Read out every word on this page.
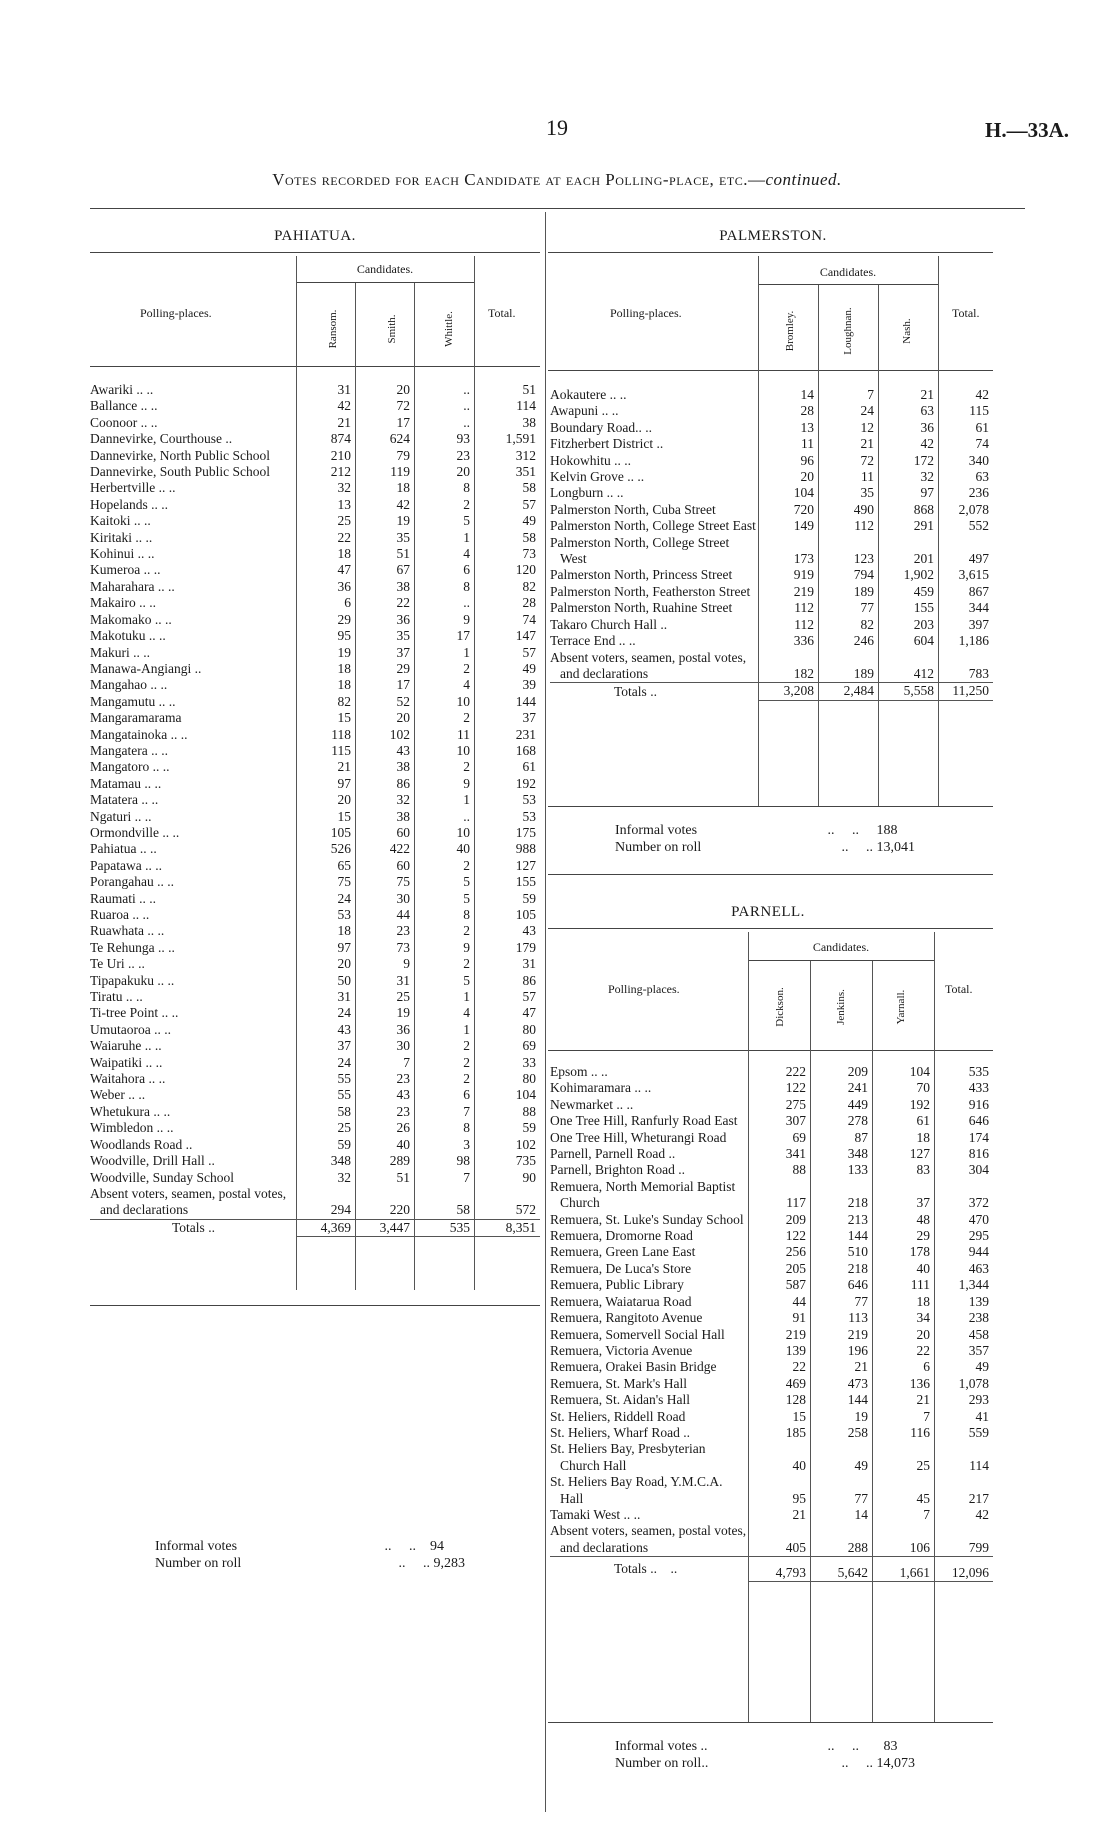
19	H.—33A.
Votes recorded for each Candidate at each Polling-place, etc.—continued.
PAHIATUA.
Candidates.
Polling-places.	Ransom.	Smith.	Whittle.	Total.
Awariki .. ..	31	20	..	51
Ballance .. ..	42	72	..	114
Coonoor .. ..	21	17	..	38
Dannevirke, Courthouse ..	874	624	93	1,591
Dannevirke, North Public School	210	79	23	312
Dannevirke, South Public School	212	119	20	351
Herbertville .. ..	32	18	8	58
Hopelands .. ..	13	42	2	57
Kaitoki .. ..	25	19	5	49
Kiritaki .. ..	22	35	1	58
Kohinui .. ..	18	51	4	73
Kumeroa .. ..	47	67	6	120
Maharahara .. ..	36	38	8	82
Makairo .. ..	6	22	..	28
Makomako .. ..	29	36	9	74
Makotuku .. ..	95	35	17	147
Makuri .. ..	19	37	1	57
Manawa-Angiangi ..	18	29	2	49
Mangahao .. ..	18	17	4	39
Mangamutu .. ..	82	52	10	144
Mangaramarama	15	20	2	37
Mangatainoka .. ..	118	102	11	231
Mangatera .. ..	115	43	10	168
Mangatoro .. ..	21	38	2	61
Matamau .. ..	97	86	9	192
Matatera .. ..	20	32	1	53
Ngaturi .. ..	15	38	..	53
Ormondville .. ..	105	60	10	175
Pahiatua .. ..	526	422	40	988
Papatawa .. ..	65	60	2	127
Porangahau .. ..	75	75	5	155
Raumati .. ..	24	30	5	59
Ruaroa .. ..	53	44	8	105
Ruawhata .. ..	18	23	2	43
Te Rehunga .. ..	97	73	9	179
Te Uri .. ..	20	9	2	31
Tipapakuku .. ..	50	31	5	86
Tiratu .. ..	31	25	1	57
Ti-tree Point .. ..	24	19	4	47
Umutaoroa .. ..	43	36	1	80
Waiaruhe .. ..	37	30	2	69
Waipatiki .. ..	24	7	2	33
Waitahora .. ..	55	23	2	80
Weber .. ..	55	43	6	104
Whetukura .. ..	58	23	7	88
Wimbledon .. ..	25	26	8	59
Woodlands Road ..	59	40	3	102
Woodville, Drill Hall ..	348	289	98	735
Woodville, Sunday School	32	51	7	90
Absent voters, seamen, postal votes, and declarations	294	220	58	572
Totals ..	4,369	3,447	535	8,351
Informal votes	..     ..    94
Number on roll	..     .. 9,283
PALMERSTON.
Candidates.
Polling-places.	Bromley.	Loughnan.	Nash.
Total.
Aokautere .. ..	14	7	21	42
Awapuni .. ..	28	24	63	115
Boundary Road.. ..	13	12	36	61
Fitzherbert District ..	11	21	42	74
Hokowhitu .. ..	96	72	172	340
Kelvin Grove .. ..	20	11	32	63
Longburn .. ..	104	35	97	236
Palmerston North, Cuba Street	720	490	868	2,078
Palmerston North, College Street East	149	112	291	552
Palmerston North, College Street West	173	123	201	497
Palmerston North, Princess Street	919	794	1,902	3,615
Palmerston North, Featherston Street	219	189	459	867
Palmerston North, Ruahine Street	112	77	155	344
Takaro Church Hall ..	112	82	203	397
Terrace End .. ..	336	246	604	1,186
Absent voters, seamen, postal votes, and declarations	182	189	412	783
Totals ..	3,208	2,484	5,558	11,250
Informal votes	..     ..     188
Number on roll	..     .. 13,041
PARNELL.
Candidates.
Polling-places.	Dickson.	Jenkins.	Yarnall.
Total.
Epsom .. ..	222	209	104	535
Kohimaramara .. ..	122	241	70	433
Newmarket .. ..	275	449	192	916
One Tree Hill, Ranfurly Road East	307	278	61	646
One Tree Hill, Wheturangi Road	69	87	18	174
Parnell, Parnell Road ..	341	348	127	816
Parnell, Brighton Road ..	88	133	83	304
Remuera, North Memorial Baptist Church	117	218	37	372
Remuera, St. Luke's Sunday School	209	213	48	470
Remuera, Dromorne Road	122	144	29	295
Remuera, Green Lane East	256	510	178	944
Remuera, De Luca's Store	205	218	40	463
Remuera, Public Library	587	646	111	1,344
Remuera, Waiatarua Road	44	77	18	139
Remuera, Rangitoto Avenue	91	113	34	238
Remuera, Somervell Social Hall	219	219	20	458
Remuera, Victoria Avenue	139	196	22	357
Remuera, Orakei Basin Bridge	22	21	6	49
Remuera, St. Mark's Hall	469	473	136	1,078
Remuera, St. Aidan's Hall	128	144	21	293
St. Heliers, Riddell Road	15	19	7	41
St. Heliers, Wharf Road ..	185	258	116	559
St. Heliers Bay, Presbyterian Church Hall	40	49	25	114
St. Heliers Bay Road, Y.M.C.A. Hall	95	77	45	217
Tamaki West .. ..	21	14	7	42
Absent voters, seamen, postal votes, and declarations	405	288	106	799
Totals ..    ..	4,793	5,642	1,661	12,096
Informal votes ..	..     ..       83
Number on roll..	..     .. 14,073
